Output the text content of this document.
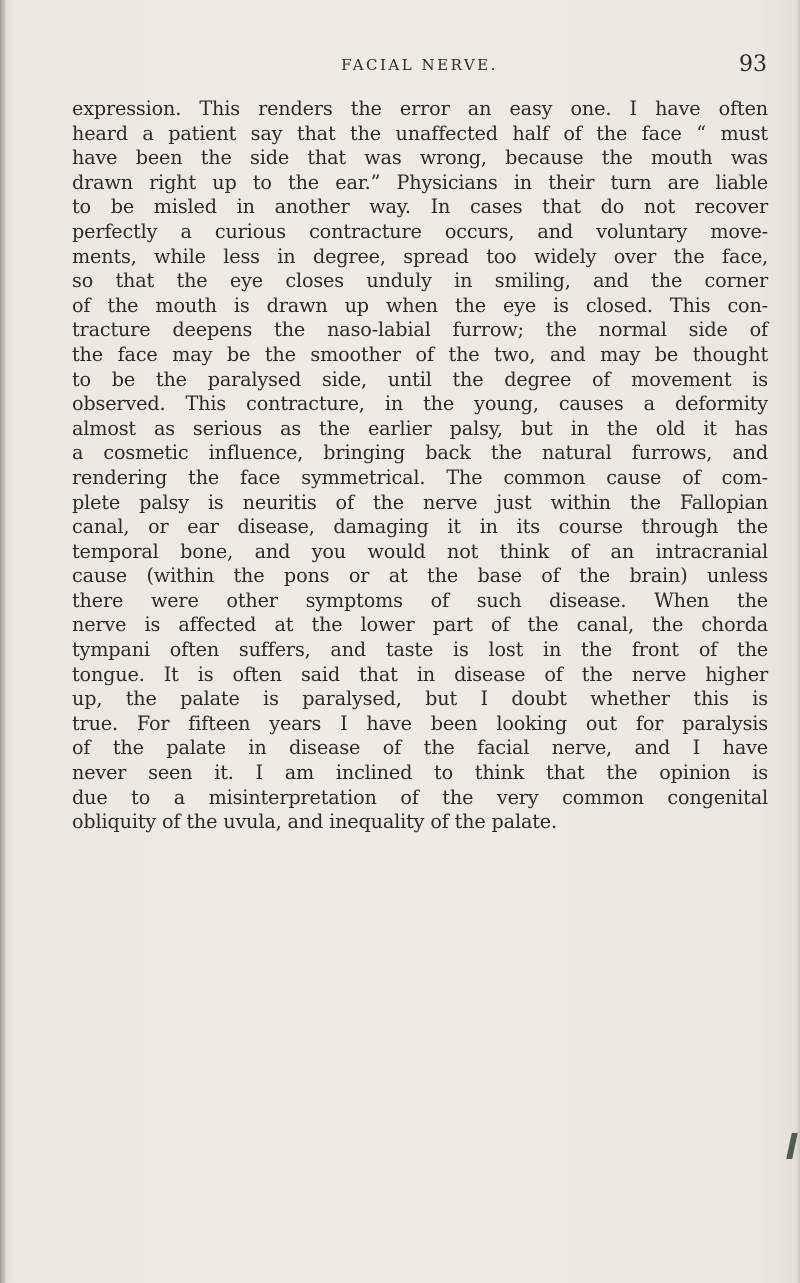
FACIAL NERVE.	93
expression. This renders the error an easy one. I have often
heard a patient say that the unaffected half of the face “ must
have been the side that was wrong, because the mouth was
drawn right up to the ear.” Physicians in their turn are liable
to be misled in another way. In cases that do not recover
perfectly a curious contracture occurs, and voluntary move-
ments, while less in degree, spread too widely over the face,
so that the eye closes unduly in smiling, and the corner
of the mouth is drawn up when the eye is closed. This con-
tracture deepens the naso-labial furrow; the normal side of
the face may be the smoother of the two, and may be thought
to be the paralysed side, until the degree of movement is
observed. This contracture, in the young, causes a deformity
almost as serious as the earlier palsy, but in the old it has
a cosmetic influence, bringing back the natural furrows, and
rendering the face symmetrical. The common cause of com-
plete palsy is neuritis of the nerve just within the Fallopian
canal, or ear disease, damaging it in its course through the
temporal bone, and you would not think of an intracranial
cause (within the pons or at the base of the brain) unless
there were other symptoms of such disease. When the
nerve is affected at the lower part of the canal, the chorda
tympani often suffers, and taste is lost in the front of the
tongue. It is often said that in disease of the nerve higher
up, the palate is paralysed, but I doubt whether this is
true. For fifteen years I have been looking out for paralysis
of the palate in disease of the facial nerve, and I have
never seen it. I am inclined to think that the opinion is
due to a misinterpretation of the very common congenital
obliquity of the uvula, and inequality of the palate.
